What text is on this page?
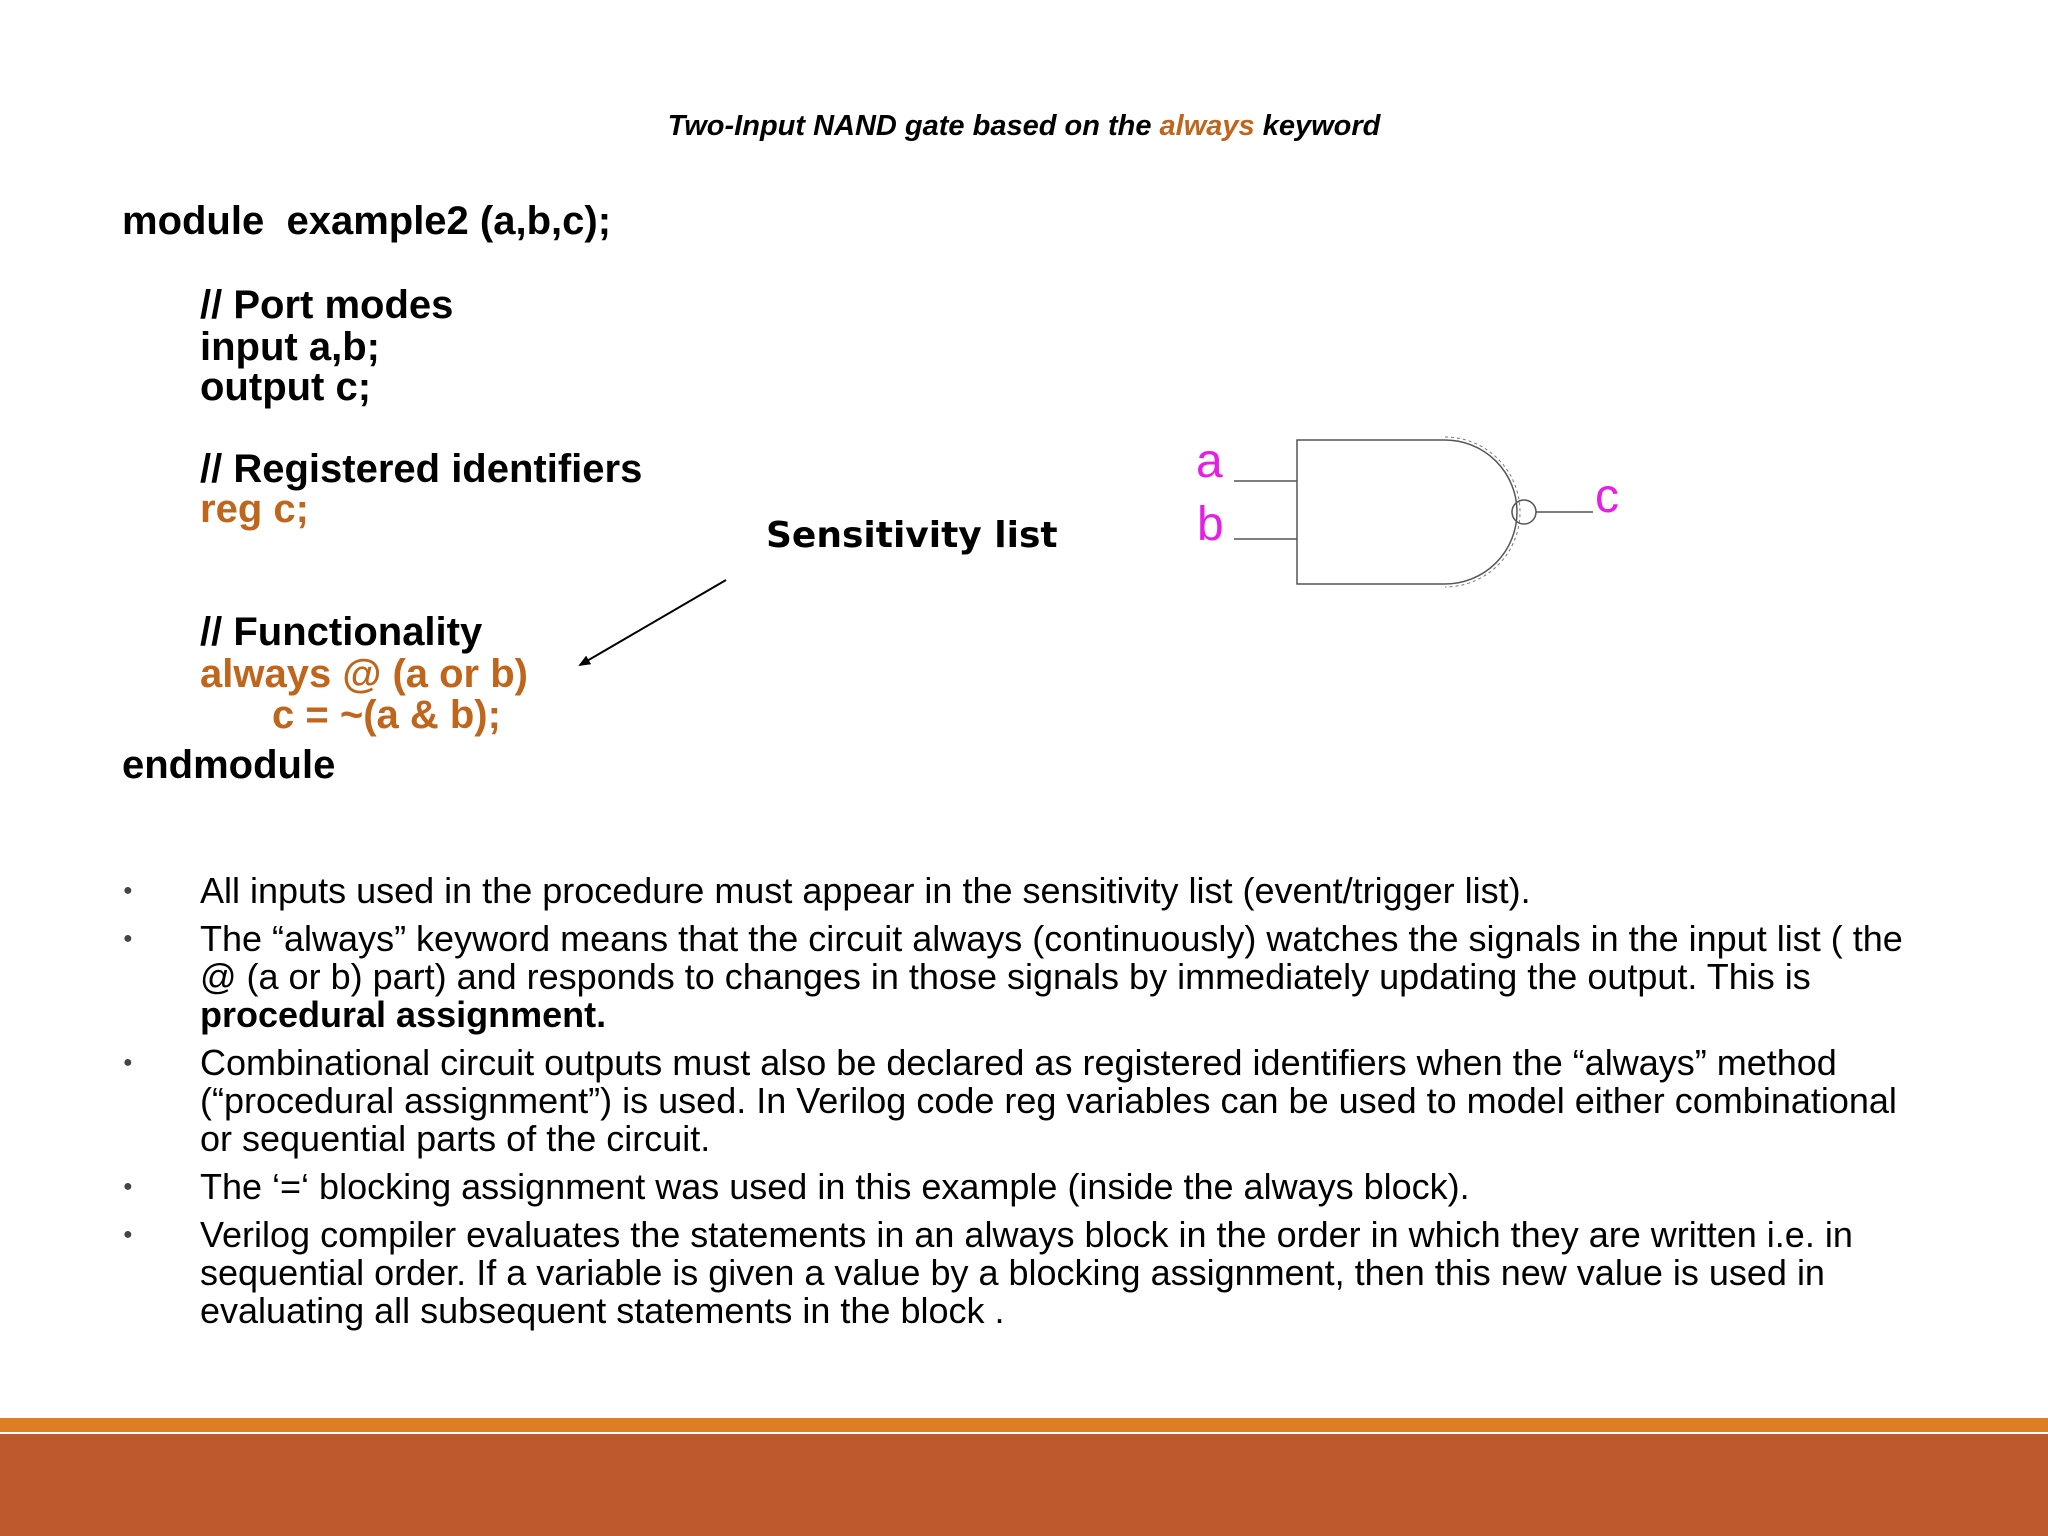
Two-Input NAND gate based on the always keyword
module  example2 (a,b,c);
// Port modes
input a,b;
output c;
// Registered identifiers
reg c;
// Functionality
always @ (a or b)
c = ~(a & b);
endmodule
Sensitivity list
a
b
c
● All inputs used in the procedure must appear in the sensitivity list (event/trigger list).
● The “always” keyword means that the circuit always (continuously) watches the signals in the input list ( the @ (a or b) part) and responds to changes in those signals by immediately updating the output. This is procedural assignment.
● Combinational circuit outputs must also be declared as registered identifiers when the “always” method (“procedural assignment”) is used. In Verilog code reg variables can be used to model either combinational or sequential parts of the circuit.
● The ‘=‘ blocking assignment was used in this example (inside the always block).
● Verilog compiler evaluates the statements in an always block in the order in which they are written i.e. in sequential order. If a variable is given a value by a blocking assignment, then this new value is used in evaluating all subsequent statements in the block .
